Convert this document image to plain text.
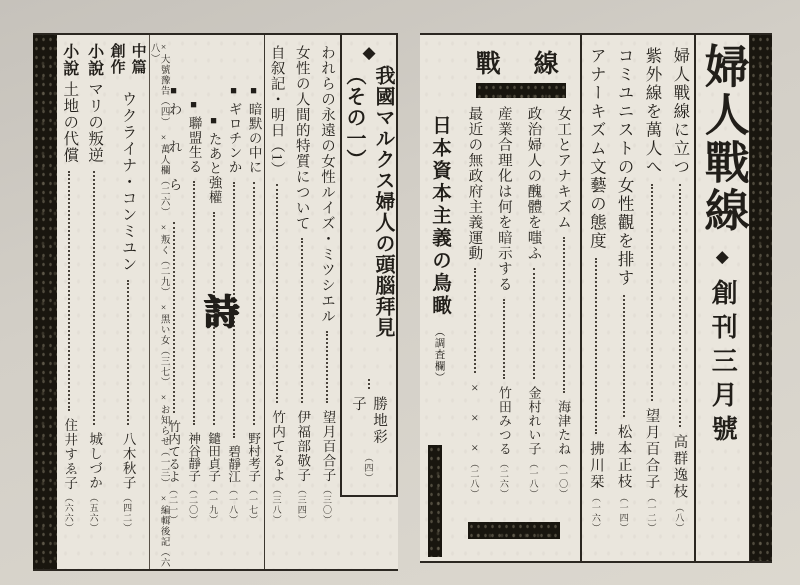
婦人戰線
◆
創刊三月號
婦人戰線に立つ
高群逸枝
（八）
紫外線を萬人へ
望月百合子
（一二）
コミユニストの女性觀を排す
松本正枝
（一四）
アナーキズム文藝の態度
拂川栞
（一六）
戰　線
女工とアナキズム
海津たね
（一〇）
政治婦人の醜體を嗤ふ
金村れい子
（一八）
産業合理化は何を暗示する
竹田みつる
（二六）
最近の無政府主義運動
×　×　×
（二八）
日本資本主義の鳥瞰
（調査欄）
◆
我國マルクス婦人の頭腦拜見（その一）
勝地彩子
（四）
われらの永遠の女性ルイズ・ミツシエル
望月百合子
（三〇）
女性の人間的特質について
伊福部敬子
（三四）
自叙記・明日（1）
竹内てるよ
（三八）
■
暗默の中に
野村考子
（一七）
■
ギロチンか
碧靜江
（一八）
■
たあと強權
鑓田貞子
（一九）
■
聯盟生る
神谷靜子
（二〇）
■
われら
竹内てるよ
（二一）
詩
×大號豫告（四）　×萬人欄（二六）　×叛く（二九）　×黑い女（三七）　×お知らせ（一三）　×編輯後記（六八）
中篇
創作
ウクライナ・コンミユン
八木秋子
（四二）
小說
マリの叛逆
城しづか
（五六）
小說
土地の代償
住井すゑ子
（六六）
